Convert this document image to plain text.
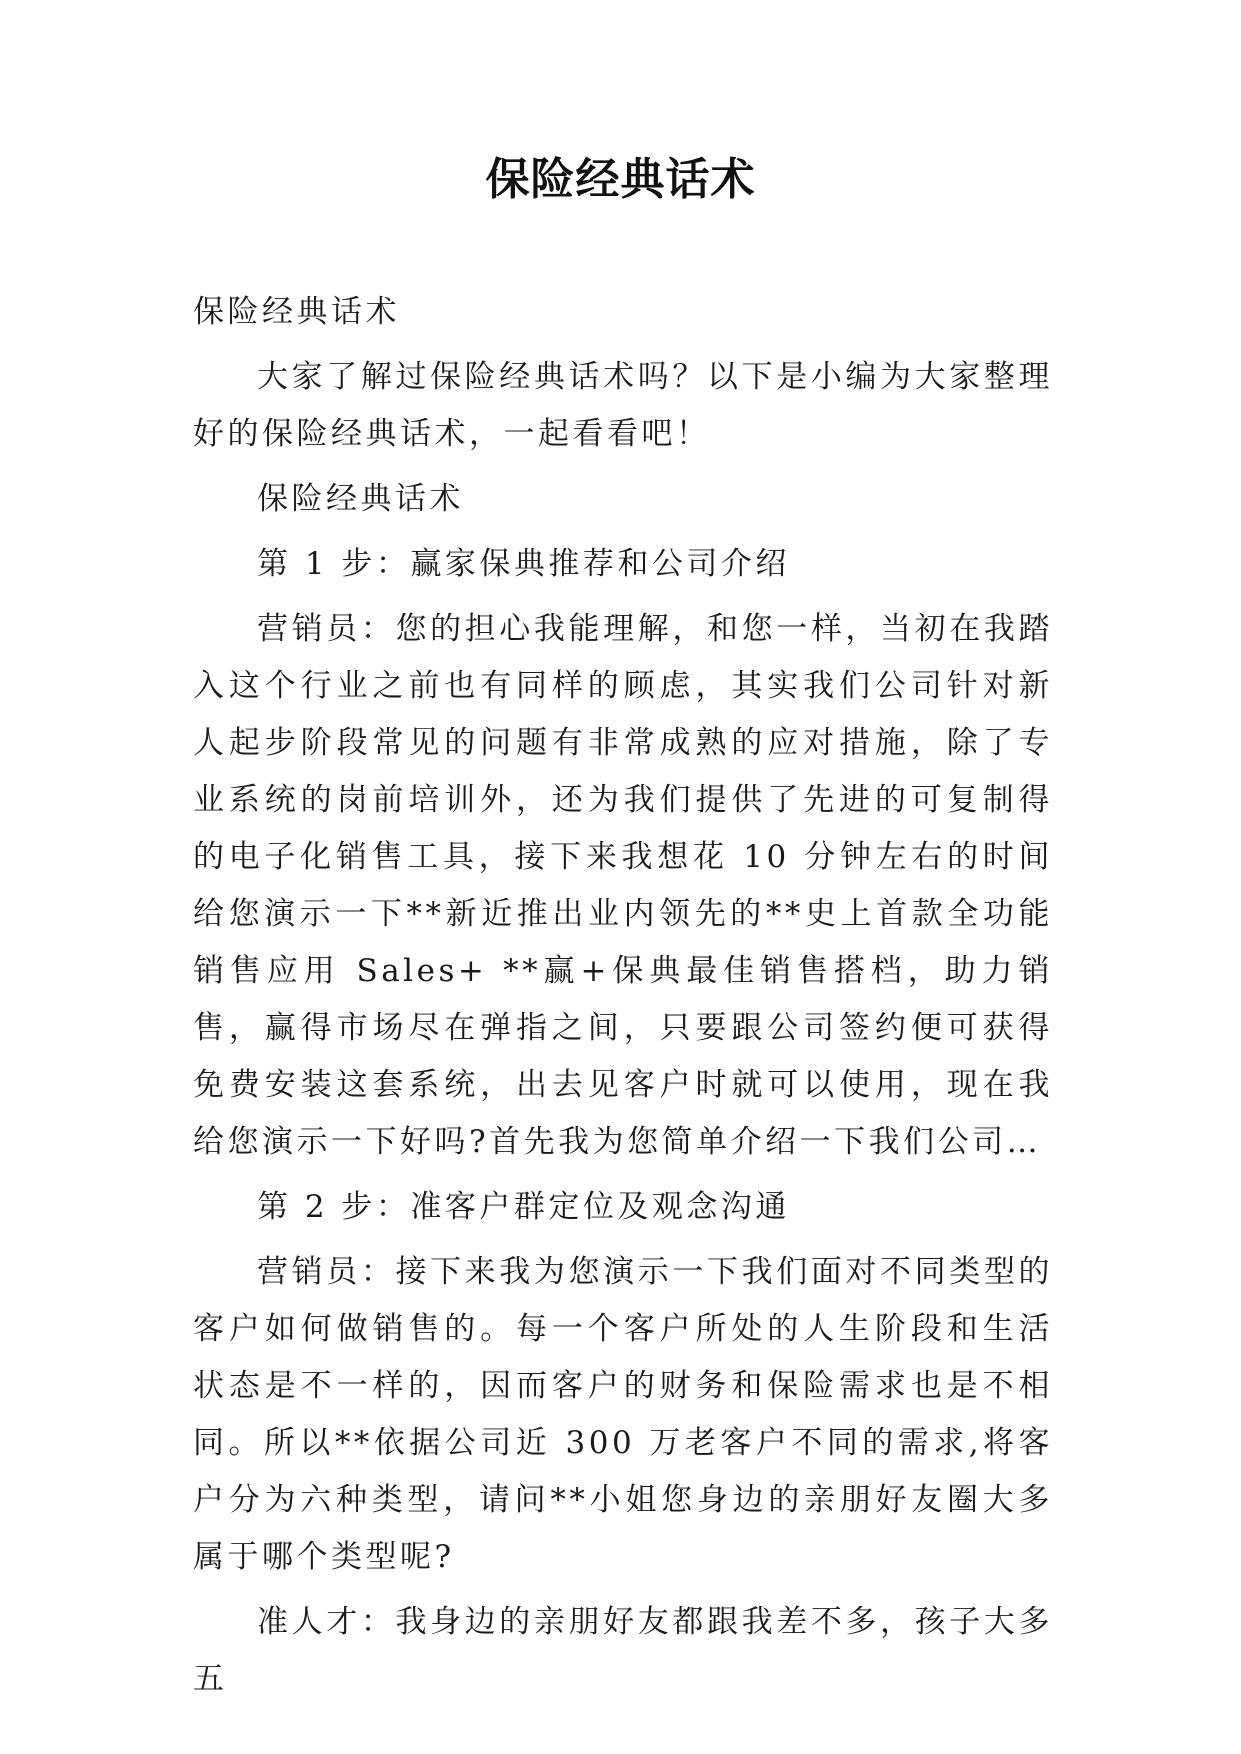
保险经典话术

保险经典话术

大家了解过保险经典话术吗？以下是小编为大家整理好的保险经典话术，一起看看吧！

保险经典话术

第 1 步：赢家保典推荐和公司介绍

营销员：您的担心我能理解，和您一样，当初在我踏入这个行业之前也有同样的顾虑，其实我们公司针对新人起步阶段常见的问题有非常成熟的应对措施，除了专业系统的岗前培训外，还为我们提供了先进的可复制得的电子化销售工具，接下来我想花 10 分钟左右的时间给您演示一下**新近推出业内领先的**史上首款全功能销售应用 Sales+ **赢+保典最佳销售搭档，助力销售，赢得市场尽在弹指之间，只要跟公司签约便可获得免费安装这套系统，出去见客户时就可以使用，现在我给您演示一下好吗?首先我为您简单介绍一下我们公司…

第 2 步：准客户群定位及观念沟通

营销员：接下来我为您演示一下我们面对不同类型的客户如何做销售的。每一个客户所处的人生阶段和生活状态是不一样的，因而客户的财务和保险需求也是不相同。所以**依据公司近 300 万老客户不同的需求,将客户分为六种类型，请问**小姐您身边的亲朋好友圈大多属于哪个类型呢?

准人才：我身边的亲朋好友都跟我差不多，孩子大多五
